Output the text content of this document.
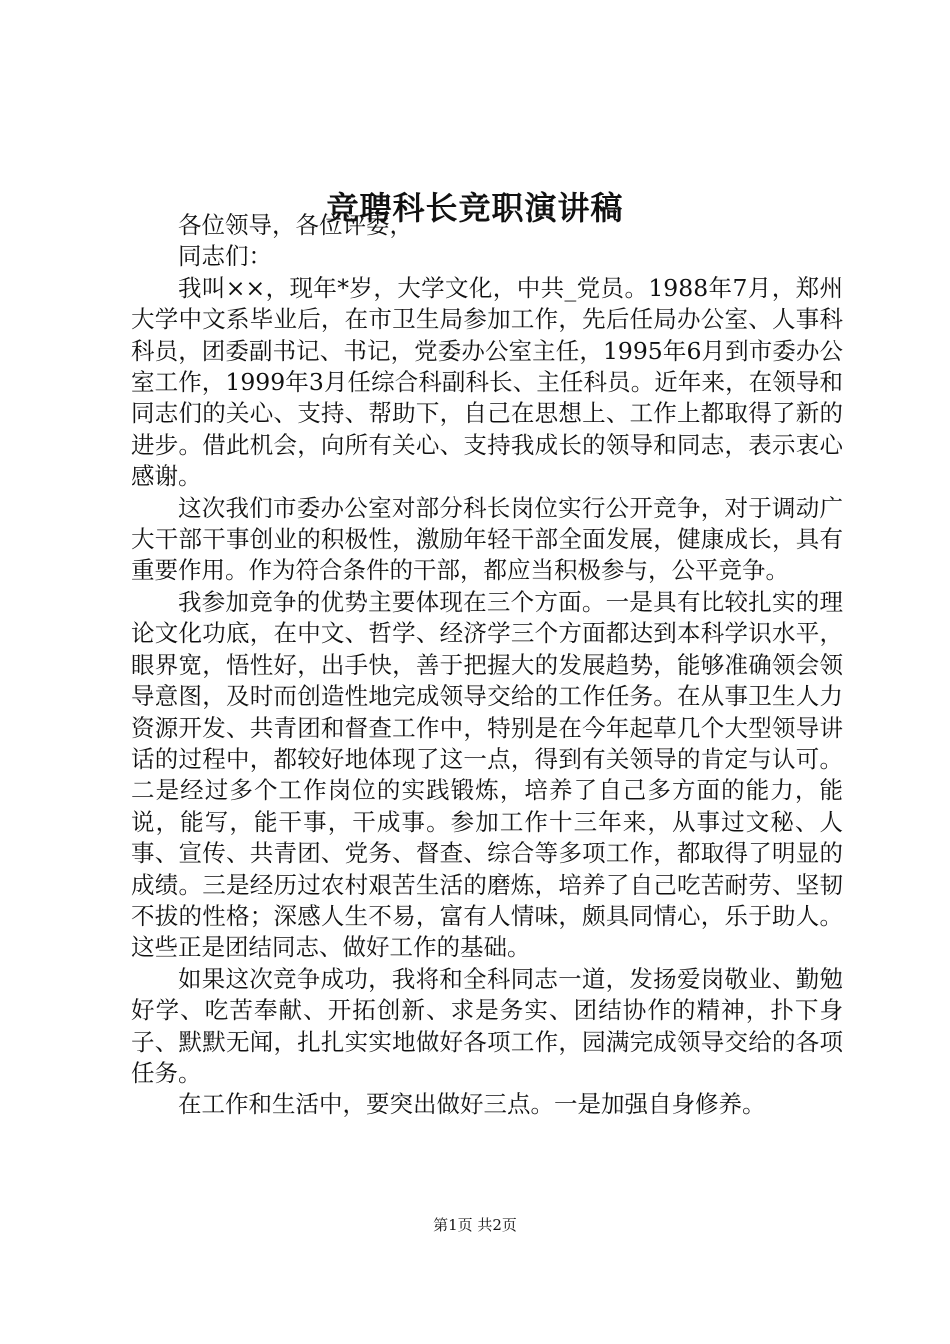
竞聘科长竞职演讲稿

各位领导，各位评委，

同志们：

我叫××，现年*岁，大学文化，中共_党员。1988年7月，郑州大学中文系毕业后，在市卫生局参加工作，先后任局办公室、人事科科员，团委副书记、书记，党委办公室主任，1995年6月到市委办公室工作，1999年3月任综合科副科长、主任科员。近年来，在领导和同志们的关心、支持、帮助下，自己在思想上、工作上都取得了新的进步。借此机会，向所有关心、支持我成长的领导和同志，表示衷心感谢。

这次我们市委办公室对部分科长岗位实行公开竞争，对于调动广大干部干事创业的积极性，激励年轻干部全面发展，健康成长，具有重要作用。作为符合条件的干部，都应当积极参与，公平竞争。

我参加竞争的优势主要体现在三个方面。一是具有比较扎实的理论文化功底，在中文、哲学、经济学三个方面都达到本科学识水平，眼界宽，悟性好，出手快，善于把握大的发展趋势，能够准确领会领导意图，及时而创造性地完成领导交给的工作任务。在从事卫生人力资源开发、共青团和督查工作中，特别是在今年起草几个大型领导讲话的过程中，都较好地体现了这一点，得到有关领导的肯定与认可。二是经过多个工作岗位的实践锻炼，培养了自己多方面的能力，能说，能写，能干事，干成事。参加工作十三年来，从事过文秘、人事、宣传、共青团、党务、督查、综合等多项工作，都取得了明显的成绩。三是经历过农村艰苦生活的磨炼，培养了自己吃苦耐劳、坚韧不拔的性格；深感人生不易，富有人情味，颇具同情心，乐于助人。这些正是团结同志、做好工作的基础。

如果这次竞争成功，我将和全科同志一道，发扬爱岗敬业、勤勉好学、吃苦奉献、开拓创新、求是务实、团结协作的精神，扑下身子、默默无闻，扎扎实实地做好各项工作，园满完成领导交给的各项任务。

在工作和生活中，要突出做好三点。一是加强自身修养。

第1页 共2页
